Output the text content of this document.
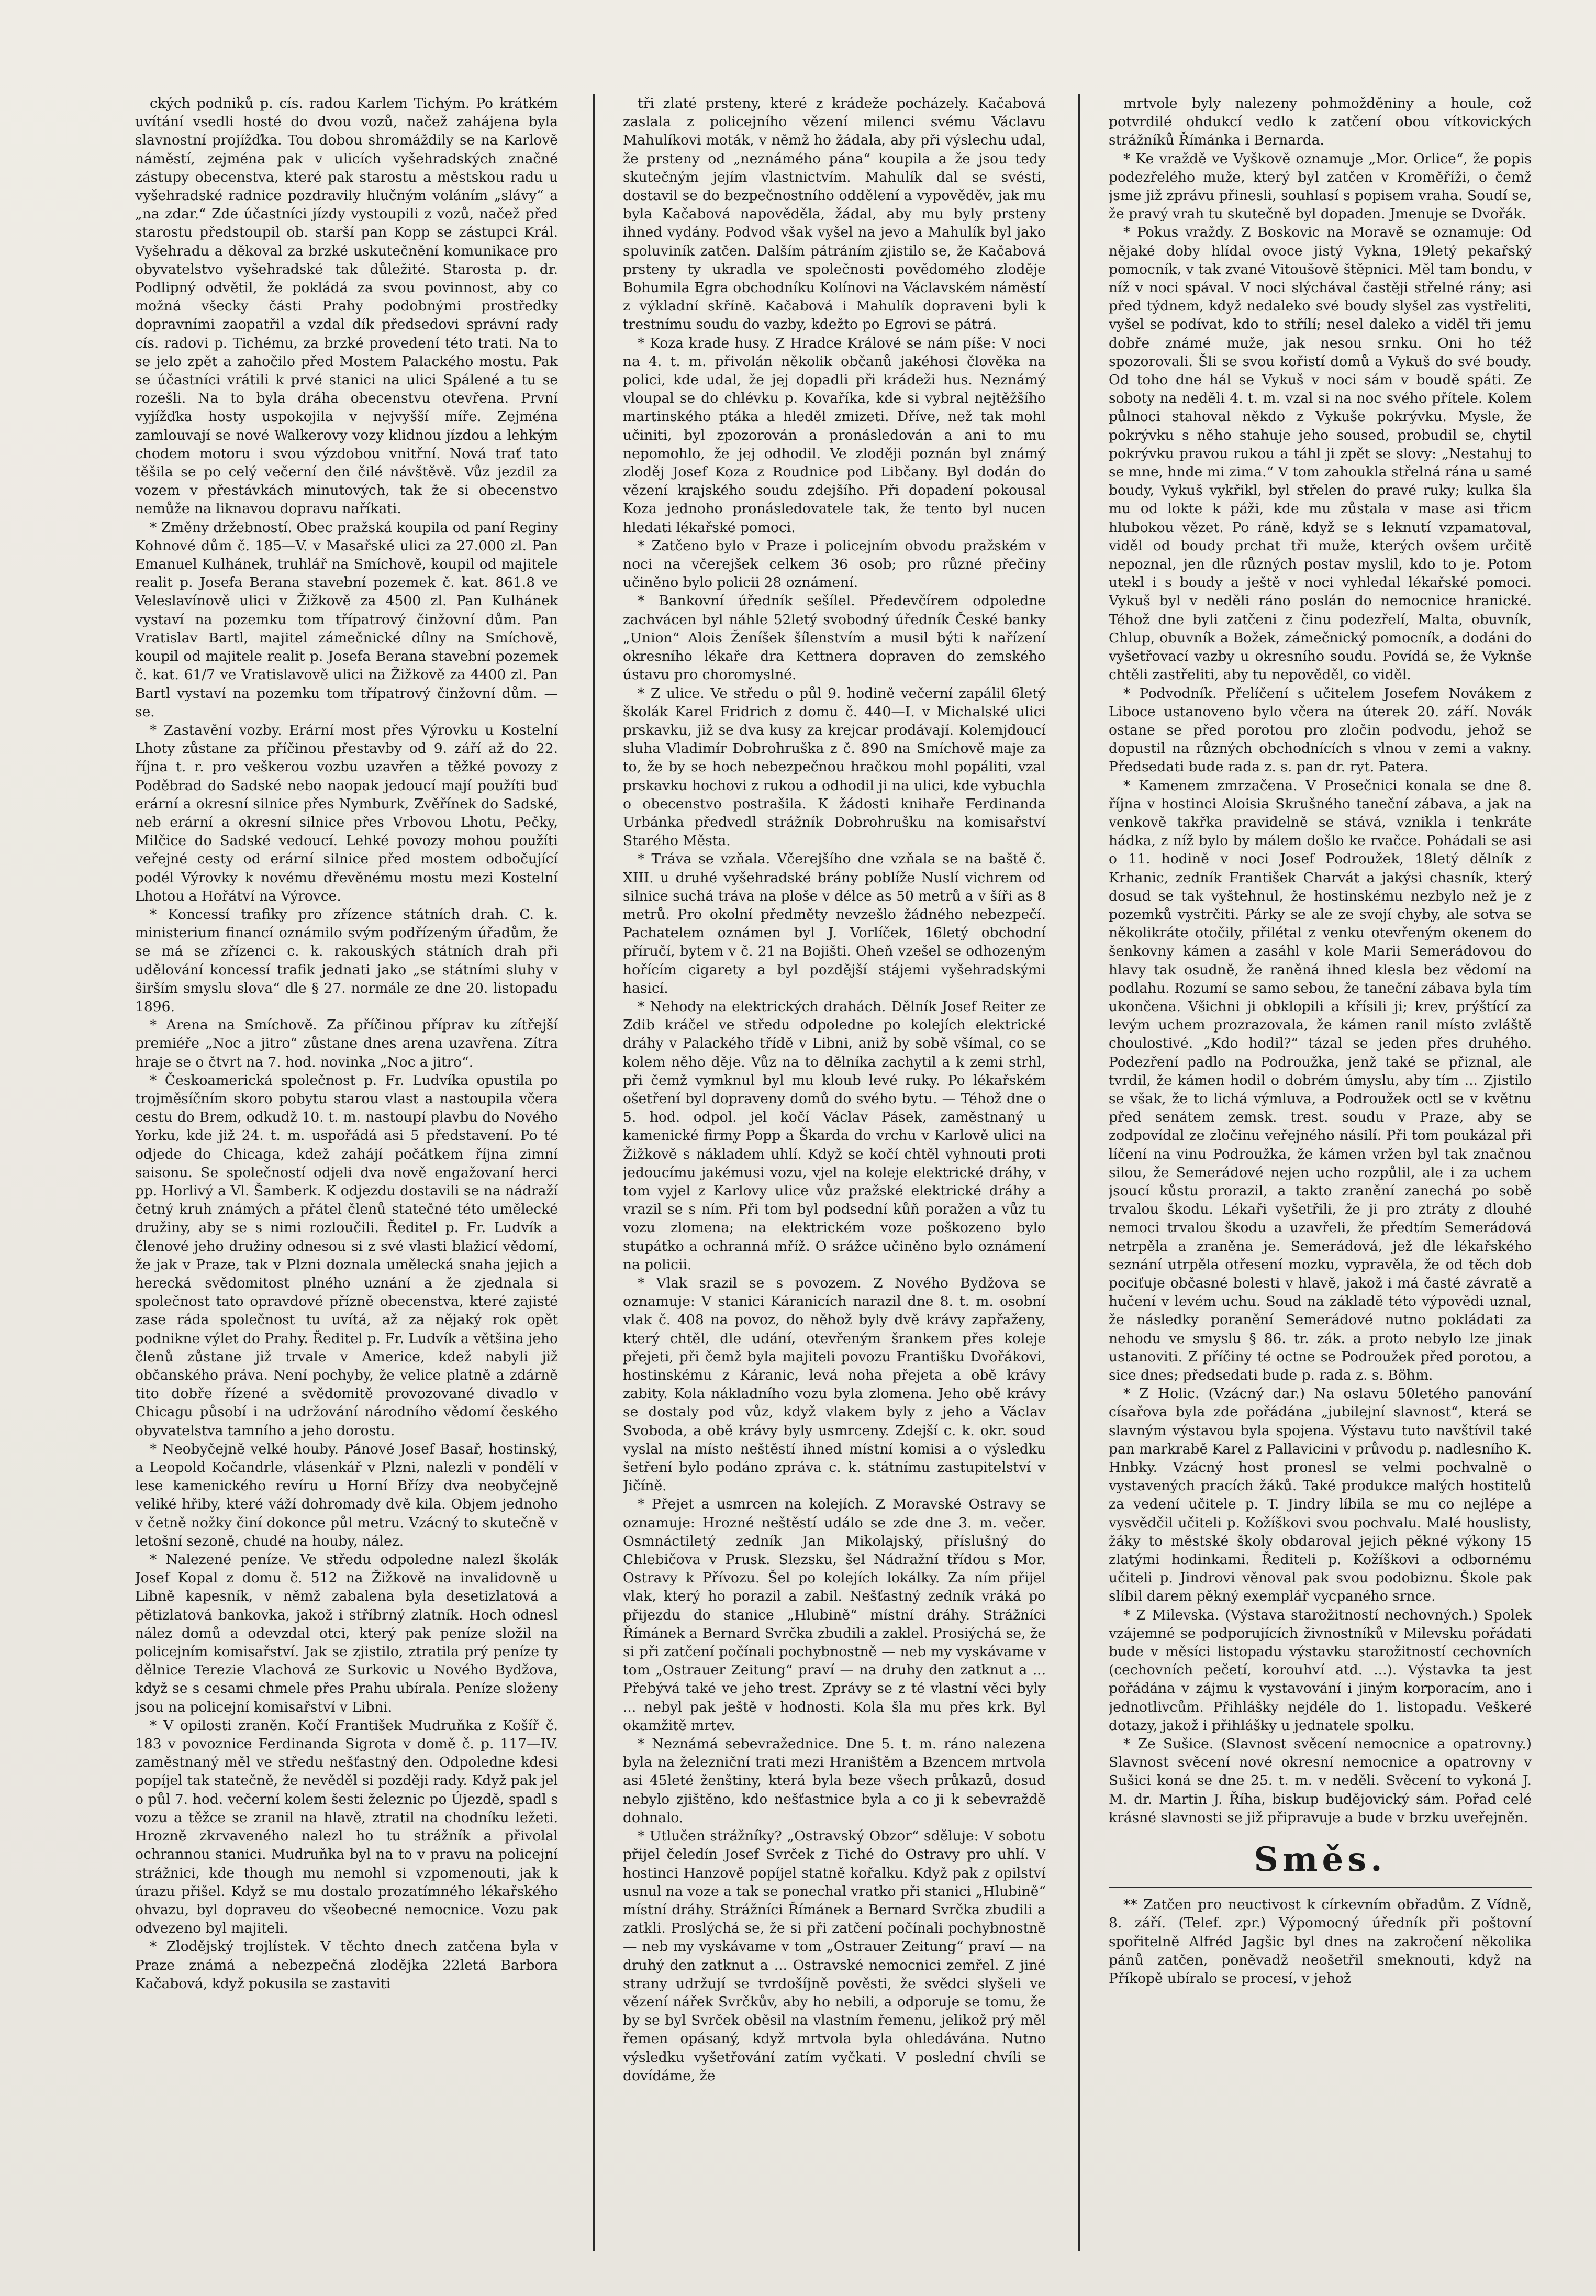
ckých podniků p. cís. radou Karlem Tichým. Po krátkém uvítání vsedli hosté do dvou vozů, načež zahájena byla slavnostní projížďka. Tou dobou shromáždily se na Karlově náměstí, zejména pak v ulicích vyšehradských značné zástupy obecenstva, které pak starostu a městskou radu u vyšehradské radnice pozdravily hlučným voláním „slávy“ a „na zdar.“ Zde účastníci jízdy vystoupili z vozů, načež před starostu předstoupil ob. starší pan Kopp se zástupci Král. Vyšehradu a děkoval za brzké uskutečnění komunikace pro obyvatelstvo vyšehradské tak důležité. Starosta p. dr. Podlipný odvětil, že pokládá za svou povinnost, aby co možná všecky části Prahy podobnými prostředky dopravními zaopatřil a vzdal dík předsedovi správní rady cís. radovi p. Tichému, za brzké provedení této trati. Na to se jelo zpět a zahočilo před Mostem Palackého mostu. Pak se účastníci vrátili k prvé stanici na ulici Spálené a tu se rozešli. Na to byla dráha obecenstvu otevřena. První vyjížďka hosty uspokojila v nejvyšší míře. Zejména zamlouvají se nové Walkerovy vozy klidnou jízdou a lehkým chodem motoru i svou výzdobou vnitřní. Nová trať tato těšila se po celý večerní den čilé návštěvě. Vůz jezdil za vozem v přestávkách minutových, tak že si obecenstvo nemůže na liknavou dopravu naříkati.

* Změny držebností. Obec pražská koupila od paní Reginy Kohnové dům č. 185—V. v Masařské ulici za 27.000 zl. Pan Emanuel Kulhánek, truhlář na Smíchově, koupil od majitele realit p. Josefa Berana stavební pozemek č. kat. 861.8 ve Veleslavínově ulici v Žižkově za 4500 zl. Pan Kulhánek vystaví na pozemku tom třípatrový činžovní dům. Pan Vratislav Bartl, majitel zámečnické dílny na Smíchově, koupil od majitele realit p. Josefa Berana stavební pozemek č. kat. 61/7 ve Vratislavově ulici na Žižkově za 4400 zl. Pan Bartl vystaví na pozemku tom třípatrový činžovní dům. —se.

* Zastavění vozby. Erární most přes Výrovku u Kostelní Lhoty zůstane za příčinou přestavby od 9. září až do 22. října t. r. pro veškerou vozbu uzavřen a těžké povozy z Poděbrad do Sadské nebo naopak jedoucí mají použíti buď erární a okresní silnice přes Nymburk, Zvěřínek do Sadské, neb erární a okresní silnice přes Vrbovou Lhotu, Pečky, Milčice do Sadské vedoucí. Lehké povozy mohou použíti veřejné cesty od erární silnice před mostem odbočující podél Výrovky k novému dřevěnému mostu mezi Kostelní Lhotou a Hořátví na Výrovce.

* Koncessí trafiky pro zřízence státních drah. C. k. ministerium financí oznámilo svým podřízeným úřadům, že se má se zřízenci c. k. rakouských státních drah při udělování koncessí trafik jednati jako „se státními sluhy v širším smyslu slova“ dle § 27. normále ze dne 20. listopadu 1896.

* Arena na Smíchově. Za příčinou příprav ku zítřejší premiéře „Noc a jitro“ zůstane dnes arena uzavřena. Zítra hraje se o čtvrt na 7. hod. novinka „Noc a jitro“.

* Českoamerická společnost p. Fr. Ludvíka opustila po trojměsíčním skoro pobytu starou vlast a nastoupila včera cestu do Brem, odkudž 10. t. m. nastoupí plavbu do Nového Yorku, kde již 24. t. m. uspořádá asi 5 představení. Po té odjede do Chicaga, kdež zahájí počátkem října zimní saisonu. Se společností odjeli dva nově engažovaní herci pp. Horlivý a Vl. Šamberk. K odjezdu dostavili se na nádraží četný kruh známých a přátel členů statečné této umělecké družiny, aby se s nimi rozloučili. Ředitel p. Fr. Ludvík a členové jeho družiny odnesou si z své vlasti blažicí vědomí, že jak v Praze, tak v Plzni doznala umělecká snaha jejich a herecká svědomitost plného uznání a že zjednala si společnost tato opravdové přízně obecenstva, které zajisté zase ráda společnost tu uvítá, až za nějaký rok opět podnikne výlet do Prahy. Ředitel p. Fr. Ludvík a většina jeho členů zůstane již trvale v Americe, kdež nabyli již občanského práva. Není pochyby, že velice platně a zdárně tito dobře řízené a svědomitě provozované divadlo v Chicagu působí i na udržování národního vědomí českého obyvatelstva tamního a jeho dorostu.

* Neobyčejně velké houby. Pánové Josef Basař, hostinský, a Leopold Kočandrle, vlásenkář v Plzni, nalezli v pondělí v lese kamenického revíru u Horní Břízy dva neobyčejně veliké hřiby, které váží dohromady dvě kila. Objem jednoho v četně nožky činí dokonce půl metru. Vzácný to skutečně v letošní sezoně, chudé na houby, nález.

* Nalezené peníze. Ve středu odpoledne nalezl školák Josef Kopal z domu č. 512 na Žižkově na invalidovně u Libně kapesník, v němž zabalena byla desetizlatová a pětizlatová bankovka, jakož i stříbrný zlatník. Hoch odnesl nález domů a odevzdal otci, který pak peníze složil na policejním komisařství. Jak se zjistilo, ztratila prý peníze ty dělnice Terezie Vlachová ze Surkovic u Nového Bydžova, když se s cesami chmele přes Prahu ubírala. Peníze složeny jsou na policejní komisařství v Libni.

* V opilosti zraněn. Kočí František Mudruňka z Košíř č. 183 v povoznice Ferdinanda Sigrota v domě č. p. 117—IV. zaměstnaný měl ve středu nešťastný den. Odpoledne kdesi popíjel tak statečně, že nevěděl si později rady. Když pak jel o půl 7. hod. večerní kolem šesti železnic po Újezdě, spadl s vozu a těžce se zranil na hlavě, ztratil na chodníku ležeti. Hrozně zkrvaveného nalezl ho tu strážník a přivolal ochrannou stanici. Mudruňka byl na to v pravu na policejní strážnici, kde though mu nemohl si vzpomenouti, jak k úrazu přišel. Když se mu dostalo prozatímného lékařského ohvazu, byl dopraveu do všeobecné nemocnice. Vozu pak odvezeno byl majiteli.

* Zlodějský trojlístek. V těchto dnech zatčena byla v Praze známá a nebezpečná zlodějka 22letá Barbora Kačabová, když pokusila se zastaviti

tři zlaté prsteny, které z krádeže pocházely. Kačabová zaslala z policejního vězení milenci svému Václavu Mahulíkovi moták, v němž ho žádala, aby při výslechu udal, že prsteny od „neznámého pána“ koupila a že jsou tedy skutečným jejím vlastnictvím. Mahulík dal se svésti, dostavil se do bezpečnostního oddělení a vypověděv, jak mu byla Kačabová napověděla, žádal, aby mu byly prsteny ihned vydány. Podvod však vyšel na jevo a Mahulík byl jako spoluviník zatčen. Dalším pátráním zjistilo se, že Kačabová prsteny ty ukradla ve společnosti povědomého zloděje Bohumila Egra obchodníku Kolínovi na Václavském náměstí z výkladní skříně. Kačabová i Mahulík dopraveni byli k trestnímu soudu do vazby, kdežto po Egrovi se pátrá.

* Koza krade husy. Z Hradce Králové se nám píše: V noci na 4. t. m. přivolán několik občanů jakéhosi člověka na polici, kde udal, že jej dopadli při krádeži hus. Neznámý vloupal se do chlévku p. Kovaříka, kde si vybral nejtěžšího martinského ptáka a hleděl zmizeti. Dříve, než tak mohl učiniti, byl zpozorován a pronásledován a ani to mu nepomohlo, že jej odhodil. Ve zloději poznán byl známý zloděj Josef Koza z Roudnice pod Libčany. Byl dodán do vězení krajského soudu zdejšího. Při dopadení pokousal Koza jednoho pronásledovatele tak, že tento byl nucen hledati lékařské pomoci.

* Zatčeno bylo v Praze i policejním obvodu pražském v noci na včerejšek celkem 36 osob; pro různé přečiny učiněno bylo policii 28 oznámení.

* Bankovní úředník sešílel. Předevčírem odpoledne zachvácen byl náhle 52letý svobodný úředník České banky „Union“ Alois Ženíšek šílenstvím a musil býti k nařízení okresního lékaře dra Kettnera dopraven do zemského ústavu pro choromyslné.

* Z ulice. Ve středu o půl 9. hodině večerní zapálil 6letý školák Karel Fridrich z domu č. 440—I. v Michalské ulici prskavku, již se dva kusy za krejcar prodávají. Kolemjdoucí sluha Vladimír Dobrohruška z č. 890 na Smíchově maje za to, že by se hoch nebezpečnou hračkou mohl popáliti, vzal prskavku hochovi z rukou a odhodil ji na ulici, kde vybuchla o obecenstvo postrašila. K žádosti knihaře Ferdinanda Urbánka předvedl strážník Dobrohrušku na komisařství Starého Města.

* Tráva se vzňala. Včerejšího dne vzňala se na baště č. XIII. u druhé vyšehradské brány poblíže Nuslí vichrem od silnice suchá tráva na ploše v délce as 50 metrů a v šíři as 8 metrů. Pro okolní předměty nevzešlo žádného nebezpečí. Pachatelem oznámen byl J. Vorlíček, 16letý obchodní příručí, bytem v č. 21 na Bojišti. Oheň vzešel se odhozeným hořícím cigarety a byl pozdější stájemi vyšehradskými hasicí.

* Nehody na elektrických drahách. Dělník Josef Reiter ze Zdib kráčel ve středu odpoledne po kolejích elektrické dráhy v Palackého třídě v Libni, aniž by sobě všímal, co se kolem něho děje. Vůz na to dělníka zachytil a k zemi strhl, při čemž vymknul byl mu kloub levé ruky. Po lékařském ošetření byl dopraveny domů do svého bytu. — Téhož dne o 5. hod. odpol. jel kočí Václav Pásek, zaměstnaný u kamenické firmy Popp a Škarda do vrchu v Karlově ulici na Žižkově s nákladem uhlí. Když se kočí chtěl vyhnouti proti jedoucímu jakémusi vozu, vjel na koleje elektrické dráhy, v tom vyjel z Karlovy ulice vůz pražské elektrické dráhy a vrazil se s ním. Při tom byl podsední kůň poražen a vůz tu vozu zlomena; na elektrickém voze poškozeno bylo stupátko a ochranná mříž. O srážce učiněno bylo oznámení na policii.

* Vlak srazil se s povozem. Z Nového Bydžova se oznamuje: V stanici Káranicích narazil dne 8. t. m. osobní vlak č. 408 na povoz, do něhož byly dvě krávy zapřaženy, který chtěl, dle udání, otevřeným šrankem přes koleje přejeti, při čemž byla majiteli povozu Františku Dvořákovi, hostinskému z Káranic, levá noha přejeta a obě krávy zabity. Kola nákladního vozu byla zlomena. Jeho obě krávy se dostaly pod vůz, když vlakem byly z jeho a Václav Svoboda, a obě krávy byly usmrceny. Zdejší c. k. okr. soud vyslal na místo neštěstí ihned místní komisi a o výsledku šetření bylo podáno zpráva c. k. státnímu zastupitelství v Jičíně.

* Přejet a usmrcen na kolejích. Z Moravské Ostravy se oznamuje: Hrozné neštěstí událo se zde dne 3. m. večer. Osmnáctiletý zedník Jan Mikolajský, příslušný do Chlebičova v Prusk. Slezsku, šel Nádražní třídou s Mor. Ostravy k Přívozu. Šel po kolejích lokálky. Za ním přijel vlak, který ho porazil a zabil. Nešťastný zedník vráká po přijezdu do stanice „Hlubině“ místní dráhy. Strážníci Římánek a Bernard Svrčka zbudili a zaklel. Prosiýchá se, že si při zatčení počínali pochybnostně — neb my vyskávame v tom „Ostrauer Zeitung“ praví — na druhy den zatknut a ... Přebývá také ve jeho trest. Zprávy se z té vlastní věci byly ... nebyl pak ještě v hodnosti. Kola šla mu přes krk. Byl okamžitě mrtev.

* Neznámá sebevražednice. Dne 5. t. m. ráno nalezena byla na železniční trati mezi Hraništěm a Bzencem mrtvola asi 45leté ženštiny, která byla beze všech průkazů, dosud nebylo zjištěno, kdo nešťastnice byla a co ji k sebevraždě dohnalo.

* Utlučen strážníky? „Ostravský Obzor“ sděluje: V sobotu přijel čeledín Josef Svrček z Tiché do Ostravy pro uhlí. V hostinci Hanzově popíjel statně kořalku. Když pak z opilství usnul na voze a tak se ponechal vratko při stanici „Hlubině“ místní dráhy. Strážníci Římánek a Bernard Svrčka zbudili a zatkli. Proslýchá se, že si při zatčení počínali pochybnostně — neb my vyskávame v tom „Ostrauer Zeitung“ praví — na druhý den zatknut a ... Ostravské nemocnici zemřel. Z jiné strany udržují se tvrdošíjně pověsti, že svědci slyšeli ve vězení nářek Svrčkův, aby ho nebili, a odporuje se tomu, že by se byl Svrček oběsil na vlastním řemenu, jelikož prý měl řemen opásaný, když mrtvola byla ohledávána. Nutno výsledku vyšetřování zatím vyčkati. V poslední chvíli se dovídáme, že

mrtvole byly nalezeny pohmožděniny a houle, což potvrdilé ohdukcí vedlo k zatčení obou vítkovických strážníků Římánka i Bernarda.

* Ke vraždě ve Vyškově oznamuje „Mor. Orlice“, že popis podezřelého muže, který byl zatčen v Kroměříži, o čemž jsme již zprávu přinesli, souhlasí s popisem vraha. Soudí se, že pravý vrah tu skutečně byl dopaden. Jmenuje se Dvořák.

* Pokus vraždy. Z Boskovic na Moravě se oznamuje: Od nějaké doby hlídal ovoce jistý Vykna, 19letý pekařský pomocník, v tak zvané Vitoušově štěpnici. Měl tam bondu, v níž v noci spával. V noci slýchával častěji střelné rány; asi před týdnem, když nedaleko své boudy slyšel zas vystřeliti, vyšel se podívat, kdo to střílí; nesel daleko a viděl tři jemu dobře známé muže, jak nesou srnku. Oni ho též spozorovali. Šli se svou kořistí domů a Vykuš do své boudy. Od toho dne hál se Vykuš v noci sám v boudě spáti. Ze soboty na neděli 4. t. m. vzal si na noc svého přítele. Kolem půlnoci stahoval někdo z Vykuše pokrývku. Mysle, že pokrývku s něho stahuje jeho soused, probudil se, chytil pokrývku pravou rukou a táhl ji zpět se slovy: „Nestahuj to se mne, hnde mi zima.“ V tom zahoukla střelná rána u samé boudy, Vykuš vykřikl, byl střelen do pravé ruky; kulka šla mu od lokte k páži, kde mu zůstala v mase asi třicm hlubokou vězet. Po ráně, když se s leknutí vzpamatoval, viděl od boudy prchat tři muže, kterých ovšem určitě nepoznal, jen dle různých postav myslil, kdo to je. Potom utekl i s boudy a ještě v noci vyhledal lékařské pomoci. Vykuš byl v neděli ráno poslán do nemocnice hranické. Téhož dne byli zatčeni z činu podezřelí, Malta, obuvník, Chlup, obuvník a Božek, zámečnický pomocník, a dodáni do vyšetřovací vazby u okresního soudu. Povídá se, že Vyknše chtěli zastřeliti, aby tu nepověděl, co viděl.

* Podvodník. Přelíčení s učitelem Josefem Novákem z Liboce ustanoveno bylo včera na úterek 20. září. Novák ostane se před porotou pro zločin podvodu, jehož se dopustil na různých obchodnících s vlnou v zemi a vakny. Předsedati bude rada z. s. pan dr. ryt. Patera.

* Kamenem zmrzačena. V Prosečnici konala se dne 8. října v hostinci Aloisia Skrušného taneční zábava, a jak na venkově takřka pravidelně se stává, vznikla i tenkráte hádka, z níž bylo by málem došlo ke rvačce. Pohádali se asi o 11. hodině v noci Josef Podroužek, 18letý dělník z Krhanic, zedník František Charvát a jakýsi chasník, který dosud se tak vyštehnul, že hostinskému nezbylo než je z pozemků vystrčiti. Párky se ale ze svojí chyby, ale sotva se několikráte otočily, přilétal z venku otevřeným okenem do šenkovny kámen a zasáhl v kole Marii Semerádovou do hlavy tak osudně, že raněná ihned klesla bez vědomí na podlahu. Rozumí se samo sebou, že taneční zábava byla tím ukončena. Všichni ji obklopili a křísili ji; krev, prýštící za levým uchem prozrazovala, že kámen ranil místo zvláště choulostivé. „Kdo hodil?“ tázal se jeden přes druhého. Podezření padlo na Podroužka, jenž také se přiznal, ale tvrdil, že kámen hodil o dobrém úmyslu, aby tím ... Zjistilo se však, že to lichá výmluva, a Podroužek octl se v květnu před senátem zemsk. trest. soudu v Praze, aby se zodpovídal ze zločinu veřejného násilí. Při tom poukázal při líčení na vinu Podroužka, že kámen vržen byl tak značnou silou, že Semerádové nejen ucho rozpůlil, ale i za uchem jsoucí kůstu prorazil, a takto zranění zanechá po sobě trvalou škodu. Lékaři vyšetřili, že ji pro ztráty z dlouhé nemoci trvalou škodu a uzavřeli, že předtím Semerádová netrpěla a zraněna je. Semerádová, jež dle lékařského seznání utrpěla otřesení mozku, vypravěla, že od těch dob pociťuje občasné bolesti v hlavě, jakož i má časté závratě a hučení v levém uchu. Soud na základě této výpovědi uznal, že následky poranění Semerádové nutno pokládati za nehodu ve smyslu § 86. tr. zák. a proto nebylo lze jinak ustanoviti. Z příčiny té octne se Podroužek před porotou, a sice dnes; předsedati bude p. rada z. s. Böhm.

* Z Holic. (Vzácný dar.) Na oslavu 50letého panování císařova byla zde pořádána „jubilejní slavnost“, která se slavným výstavou byla spojena. Výstavu tuto navštívil také pan markrabě Karel z Pallavicini v průvodu p. nadlesního K. Hnbky. Vzácný host pronesl se velmi pochvalně o vystavených pracích žáků. Také produkce malých hostitelů za vedení učitele p. T. Jindry líbila se mu co nejlépe a vysvědčil učiteli p. Kožíškovi svou pochvalu. Malé houslisty, žáky to městské školy obdaroval jejich pěkné výkony 15 zlatými hodinkami. Řediteli p. Kožíškovi a odbornému učiteli p. Jindrovi věnoval pak svou podobiznu. Škole pak slíbil darem pěkný exemplář vycpaného srnce.

* Z Milevska. (Výstava starožitností nechovných.) Spolek vzájemné se podporujících živnostníků v Milevsku pořádati bude v měsíci listopadu výstavku starožitností cechovních (cechovních pečetí, korouhví atd. ...). Výstavka ta jest pořádána v zájmu k vystavování i jiným korporacím, ano i jednotlivcům. Přihlášky nejdéle do 1. listopadu. Veškeré dotazy, jakož i přihlášky u jednatele spolku.

* Ze Sušice. (Slavnost svěcení nemocnice a opatrovny.) Slavnost svěcení nové okresní nemocnice a opatrovny v Sušici koná se dne 25. t. m. v neděli. Svěcení to vykoná J. M. dr. Martin J. Říha, biskup budějovický sám. Pořad celé krásné slavnosti se již připravuje a bude v brzku uveřejněn.

Směs.

** Zatčen pro neuctivost k církevním obřadům. Z Vídně, 8. září. (Telef. zpr.) Výpomocný úředník při poštovní spořitelně Alfréd Jagšic byl dnes na zakročení několika pánů zatčen, poněvadž neošetřil smeknouti, když na Příkopě ubíralo se procesí, v jehož
